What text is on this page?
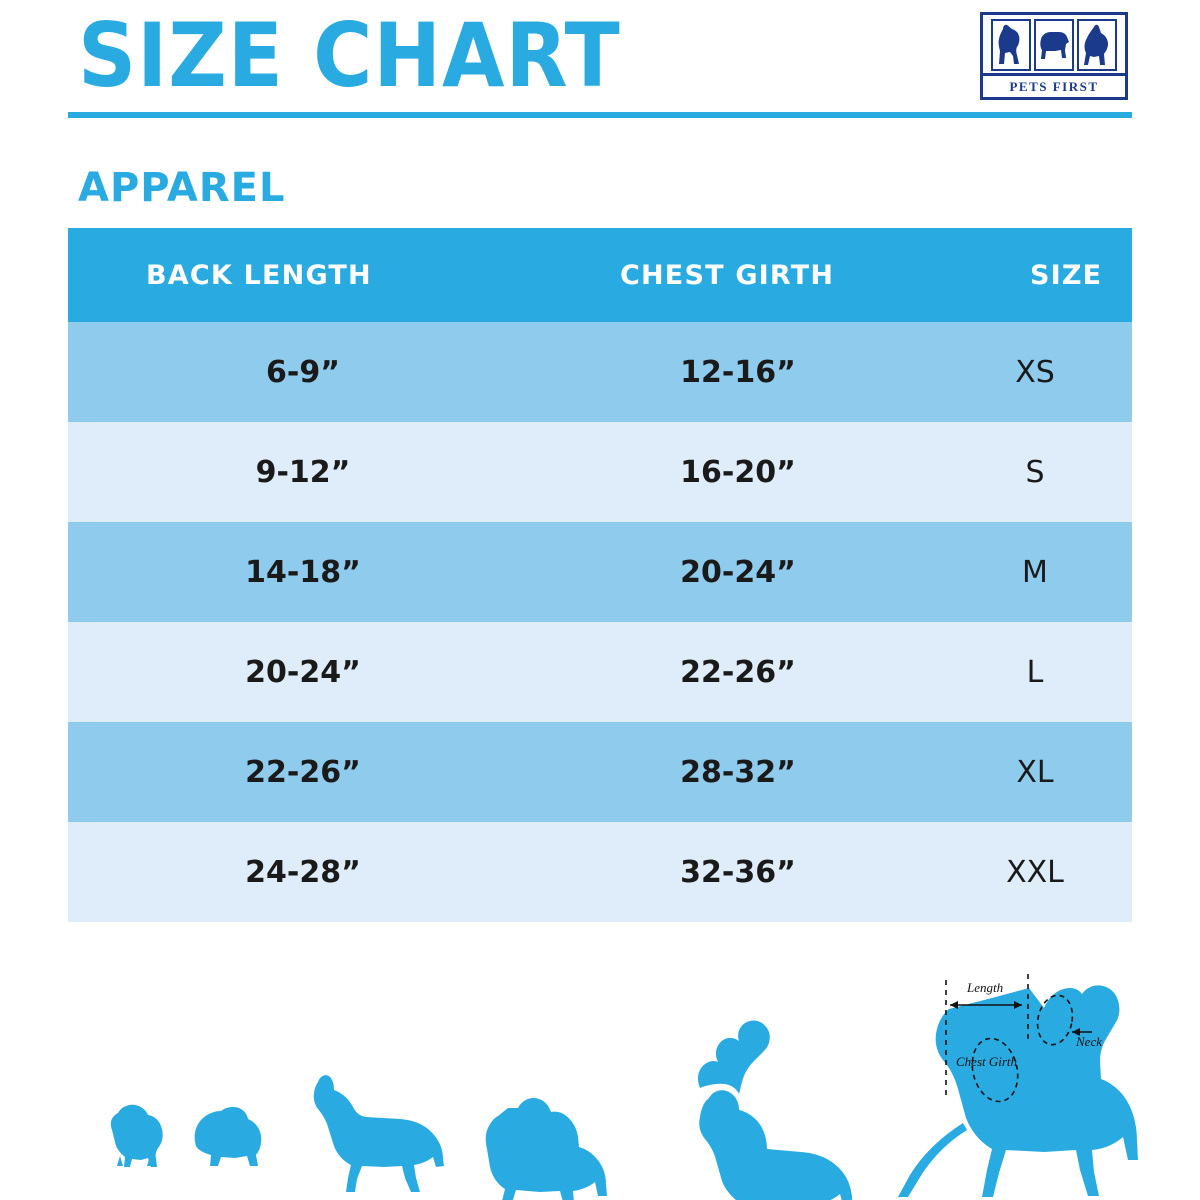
SIZE CHART	PETS FIRST
APPAREL
BACK LENGTH	CHEST GIRTH	SIZE
6-9”	12-16”	XS
9-12”	16-20”	S
14-18”	20-24”	M
20-24”	22-26”	L
22-26”	28-32”	XL
24-28”	32-36”	XXL
Length
Neck
Chest Girth
